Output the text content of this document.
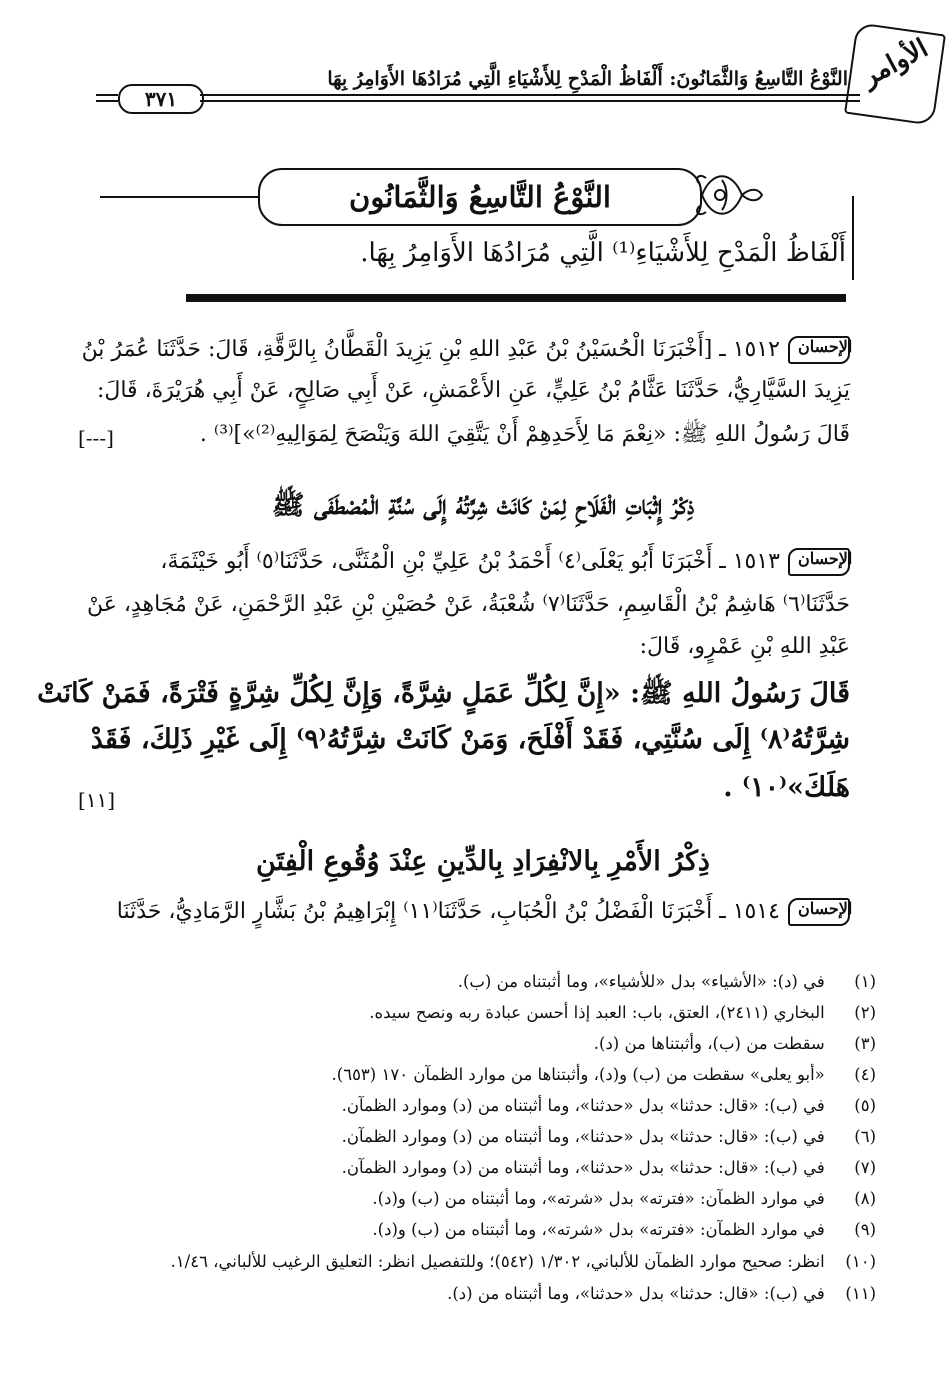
الأوامر
النَّوْعُ التَّاسِعُ وَالثَّمَانُونَ: أَلْفَاظُ الْمَدْحِ لِلأَشْيَاءِ الَّتِي مُرَادُهَا الأَوَامِرُ بِهَا
٣٧١
النَّوْعُ التَّاسِعُ وَالثَّمَانُون
أَلْفَاظُ الْمَدْحِ لِلأَشْيَاءِ⁽¹⁾ الَّتِي مُرَادُهَا الأَوَامِرُ بِهَا.
الإحسان
١٥١٢ ـ [أَخْبَرَنَا الْحُسَيْنُ بْنُ عَبْدِ اللهِ بْنِ يَزِيدَ الْقَطَّانُ بِالرَّقَّةِ، قَالَ: حَدَّثَنَا عُمَرُ بْنُ
يَزِيدَ السَّيَّارِيُّ، حَدَّثَنَا عَثَّامُ بْنُ عَلِيٍّ، عَنِ الأَعْمَشِ، عَنْ أَبِي صَالِحٍ، عَنْ أَبِي هُرَيْرَةَ، قَالَ:
قَالَ رَسُولُ اللهِ ﷺ: «نِعْمَ مَا لِأَحَدِهِمْ أَنْ يَتَّقِيَ اللهَ وَيَنْصَحَ لِمَوَالِيهِ⁽²⁾»]⁽³⁾ .
[---]
ذِكْرُ إِثْبَاتِ الْفَلَاحِ لِمَنْ كَانَتْ شِرَّتُهُ إِلَى سُنَّةِ الْمُصْطَفَى ﷺ
الإحسان
١٥١٣ ـ أَخْبَرَنَا أَبُو يَعْلَى⁽٤⁾ أَحْمَدُ بْنُ عَلِيِّ بْنِ الْمُثَنَّى، حَدَّثَنَا⁽٥⁾ أَبُو خَيْثَمَةَ،
حَدَّثَنَا⁽٦⁾ هَاشِمُ بْنُ الْقَاسِمِ، حَدَّثَنَا⁽٧⁾ شُعْبَةُ، عَنْ حُصَيْنِ بْنِ عَبْدِ الرَّحْمَنِ، عَنْ مُجَاهِدٍ، عَنْ
عَبْدِ اللهِ بْنِ عَمْرٍو، قَالَ:
قَالَ رَسُولُ اللهِ ﷺ: «إِنَّ لِكُلِّ عَمَلٍ شِرَّةً، وَإِنَّ لِكُلِّ شِرَّةٍ فَتْرَةً، فَمَنْ كَانَتْ
شِرَّتُهُ⁽٨⁾ إِلَى سُنَّتِي، فَقَدْ أَفْلَحَ، وَمَنْ كَانَتْ شِرَّتُهُ⁽٩⁾ إِلَى غَيْرِ ذَلِكَ، فَقَدْ
هَلَكَ»⁽١٠⁾ .
[١١]
ذِكْرُ الأَمْرِ بِالانْفِرَادِ بِالدِّينِ عِنْدَ وُقُوعِ الْفِتَنِ
الإحسان
١٥١٤ ـ أَخْبَرَنَا الْفَضْلُ بْنُ الْحُبَابِ، حَدَّثَنَا⁽١١⁾ إِبْرَاهِيمُ بْنُ بَشَّارٍ الرَّمَادِيُّ، حَدَّثَنَا
(١) في (د): «الأشياء» بدل «للأشياء»، وما أثبتناه من (ب).
(٢) البخاري (٢٤١١)، العتق، باب: العبد إذا أحسن عبادة ربه ونصح سيده.
(٣) سقطت من (ب)، وأثبتناها من (د).
(٤) «أبو يعلى» سقطت من (ب) و(د)، وأثبتناها من موارد الظمآن ١٧٠ (٦٥٣).
(٥) في (ب): «قال: حدثنا» بدل «حدثنا»، وما أثبتناه من (د) وموارد الظمآن.
(٦) في (ب): «قال: حدثنا» بدل «حدثنا»، وما أثبتناه من (د) وموارد الظمآن.
(٧) في (ب): «قال: حدثنا» بدل «حدثنا»، وما أثبتناه من (د) وموارد الظمآن.
(٨) في موارد الظمآن: «فترته» بدل «شرته»، وما أثبتناه من (ب) و(د).
(٩) في موارد الظمآن: «فترته» بدل «شرته»، وما أثبتناه من (ب) و(د).
(١٠) انظر: صحيح موارد الظمآن للألباني، ١/٣٠٢ (٥٤٢)؛ وللتفصيل انظر: التعليق الرغيب للألباني، ١/٤٦.
(١١) في (ب): «قال: حدثنا» بدل «حدثنا»، وما أثبتناه من (د).
